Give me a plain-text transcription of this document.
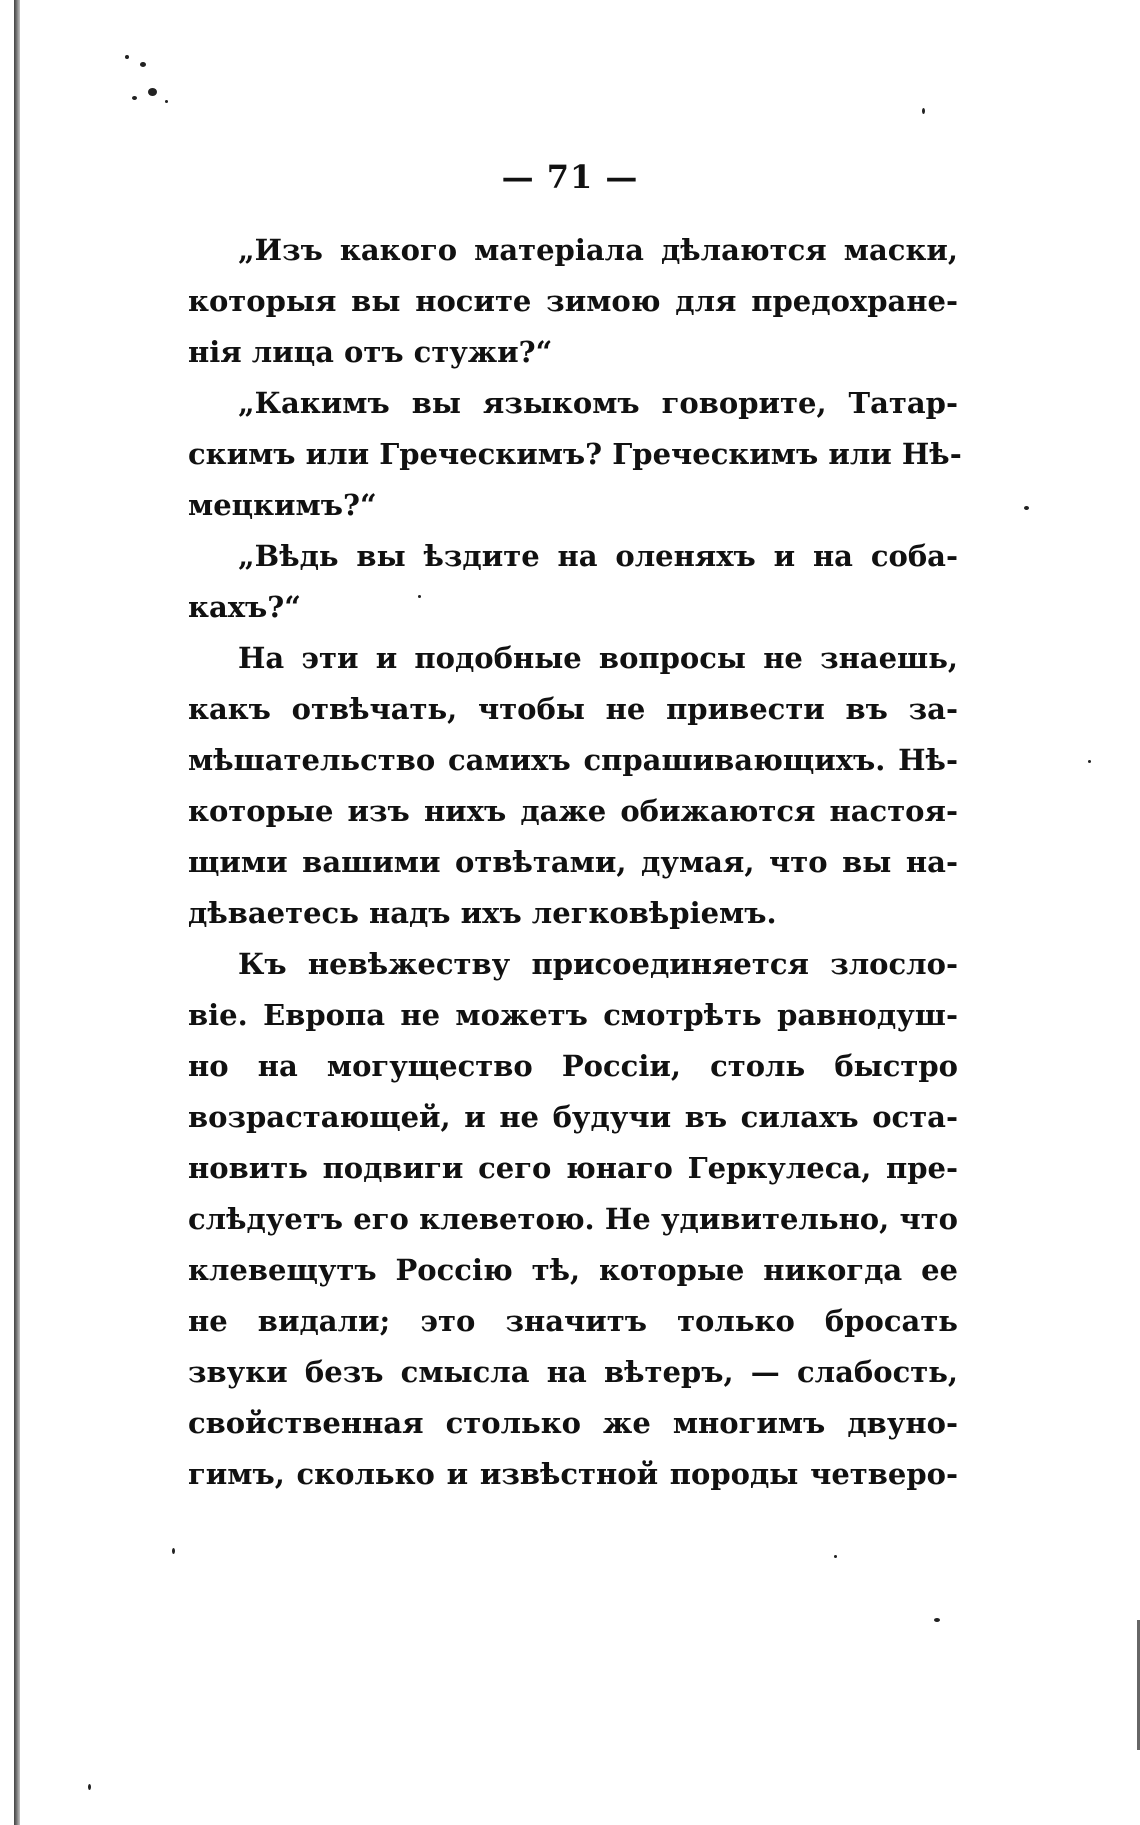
— 71 —
„Изъ какого матеріала дѣлаются маски,
которыя вы носите зимою для предохране-
нія лица отъ стужи?“
„Какимъ вы языкомъ говорите, Татар-
скимъ или Греческимъ? Греческимъ или Нѣ-
мецкимъ?“
„Вѣдь вы ѣздите на оленяхъ и на соба-
кахъ?“
На эти и подобные вопросы не знаешь,
какъ отвѣчать, чтобы не привести въ за-
мѣшательство самихъ спрашивающихъ. Нѣ-
которые изъ нихъ даже обижаются настоя-
щими вашими отвѣтами, думая, что вы на-
дѣваетесь надъ ихъ легковѣріемъ.
Къ невѣжеству присоединяется злосло-
віе. Европа не можетъ смотрѣть равнодуш-
но на могущество Россіи, столь быстро
возрастающей, и не будучи въ силахъ оста-
новить подвиги сего юнаго Геркулеса, пре-
слѣдуетъ его клеветою. Не удивительно, что
клевещутъ Россію тѣ, которые никогда ее
не видали; это значитъ только бросать
звуки безъ смысла на вѣтеръ, — слабость,
свойственная столько же многимъ двуно-
гимъ, сколько и извѣстной породы четверо-
